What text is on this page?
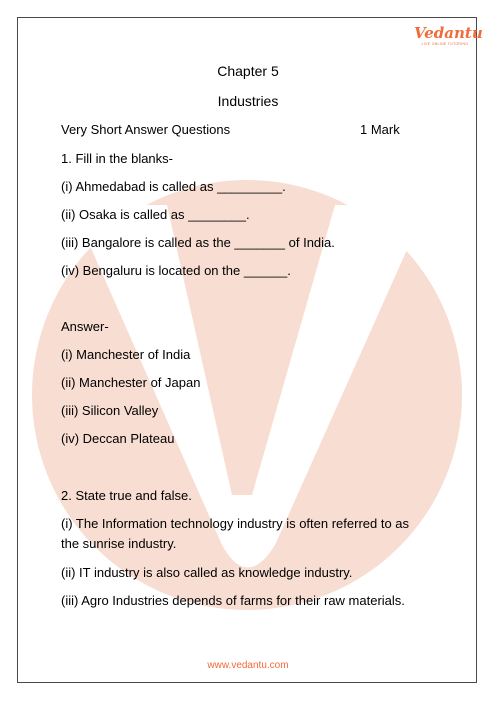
Vedantu
LIVE ONLINE TUTORING
Chapter 5
Industries
Very Short Answer Questions	1 Mark
1. Fill in the blanks-
(i) Ahmedabad is called as _________.
(ii) Osaka is called as ________.
(iii) Bangalore is called as the _______ of India.
(iv) Bengaluru is located on the ______.
Answer-
(i) Manchester of India
(ii) Manchester of Japan
(iii) Silicon Valley
(iv) Deccan Plateau
2. State true and false.
(i) The Information technology industry is often referred to as
the sunrise industry.
(ii) IT industry is also called as knowledge industry.
(iii) Agro Industries depends of farms for their raw materials.
www.vedantu.com
